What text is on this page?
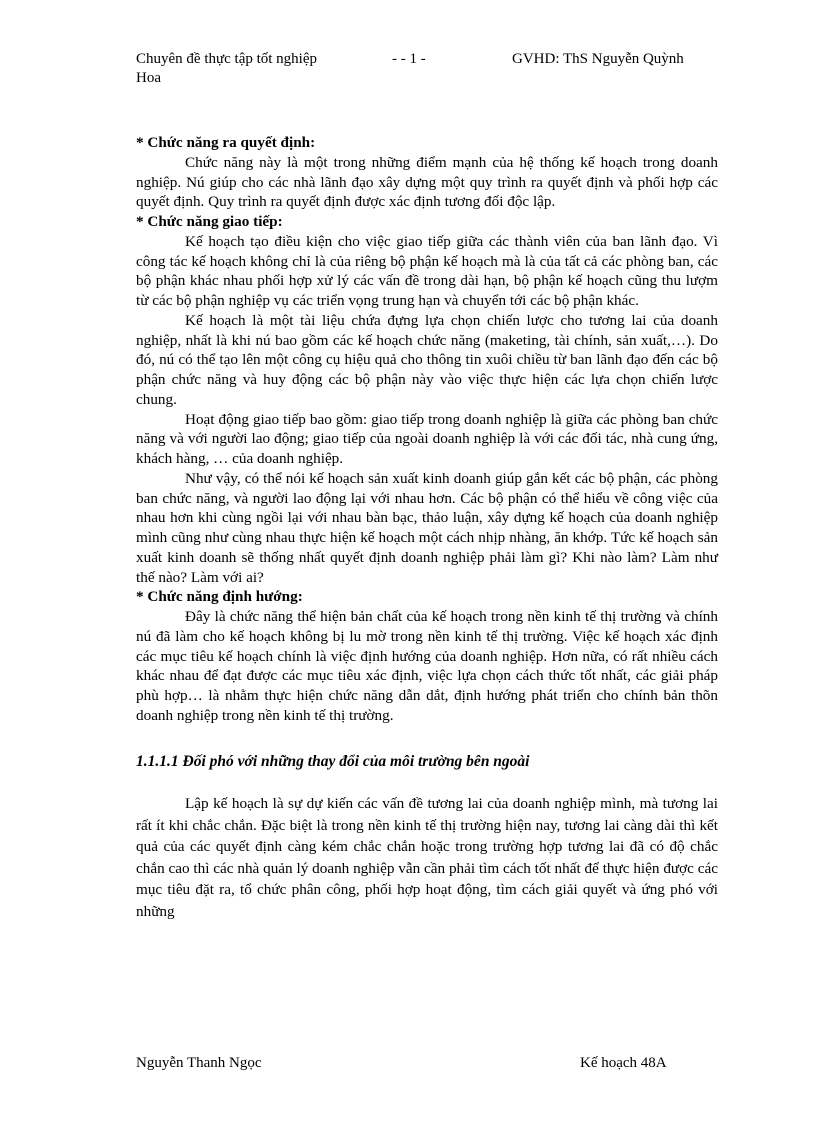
Chuyên đề thực tập tốt nghiệp	- - 1 -	GVHD: ThS Nguyễn Quỳnh
Hoa

* Chức năng ra quyết định:

Chức năng này là một trong những điểm mạnh của hệ thống kế hoạch trong doanh nghiệp. Nú giúp cho các nhà lãnh đạo xây dựng một quy trình ra quyết định và phối hợp các quyết định. Quy trình ra quyết định được xác định tương đối độc lập.

* Chức năng giao tiếp:

Kế hoạch tạo điều kiện cho việc giao tiếp giữa các thành viên của ban lãnh đạo. Vì công tác kế hoạch không chỉ là của riêng bộ phận kế hoạch mà là của tất cả các phòng ban, các bộ phận khác nhau phối hợp xử lý các vấn đề trong dài hạn, bộ phận kế hoạch cũng thu lượm từ các bộ phận nghiệp vụ các triển vọng trung hạn và chuyển tới các bộ phận khác.

Kế hoạch là một tài liệu chứa đựng lựa chọn chiến lược cho tương lai của doanh nghiệp, nhất là khi nú bao gồm các kế hoạch chức năng (maketing, tài chính, sản xuất,…). Do đó, nú có thể tạo lên một công cụ hiệu quả cho thông tin xuôi chiều từ ban lãnh đạo đến các bộ phận chức năng và huy động các bộ phận này vào việc thực hiện các lựa chọn chiến lược chung.

Hoạt động giao tiếp bao gồm: giao tiếp trong doanh nghiệp là giữa các phòng ban chức năng và với người lao động; giao tiếp của ngoài doanh nghiệp là với các đối tác, nhà cung ứng, khách hàng, … của doanh nghiệp.

Như vậy, có thể nói kế hoạch sản xuất kinh doanh giúp gắn kết các bộ phận, các phòng ban chức năng, và người lao động lại với nhau hơn. Các bộ phận có thể hiểu về công việc của nhau hơn khi cùng ngồi lại với nhau bàn bạc, thảo luận, xây dựng kế hoạch của doanh nghiệp mình cũng như cùng nhau thực hiện kế hoạch một cách nhịp nhàng, ăn khớp. Tức kế hoạch sản xuất kinh doanh sẽ thống nhất quyết định doanh nghiệp phải làm gì? Khi nào làm? Làm như thế nào? Làm với ai?

* Chức năng định hướng:

Đây là chức năng thể hiện bản chất của kế hoạch trong nền kinh tế thị trường và chính nú đã làm cho kế hoạch không bị lu mờ trong nền kinh tế thị trường. Việc kế hoạch xác định các mục tiêu kế hoạch chính là việc định hướng của doanh nghiệp. Hơn nữa, có rất nhiều cách khác nhau để đạt được các mục tiêu xác định, việc lựa chọn cách thức tốt nhất, các giải pháp phù hợp… là nhằm thực hiện chức năng dẫn dắt, định hướng phát triển cho chính bản thõn doanh nghiệp trong nền kinh tế thị trường.

1.1.1.1 Đối phó với những thay đổi của môi trường bên ngoài

Lập kế hoạch là sự dự kiến các vấn đề tương lai của doanh nghiệp mình, mà tương lai rất ít khi chắc chắn. Đặc biệt là trong nền kinh tế thị trường hiện nay, tương lai càng dài thì kết quả của các quyết định càng kém chắc chắn hoặc trong trường hợp tương lai đã có độ chắc chắn cao thì các nhà quản lý doanh nghiệp vẫn cần phải tìm cách tốt nhất để thực hiện được các mục tiêu đặt ra, tổ chức phân công, phối hợp hoạt động, tìm cách giải quyết và ứng phó với những

Nguyễn Thanh Ngọc	Kế hoạch 48A
